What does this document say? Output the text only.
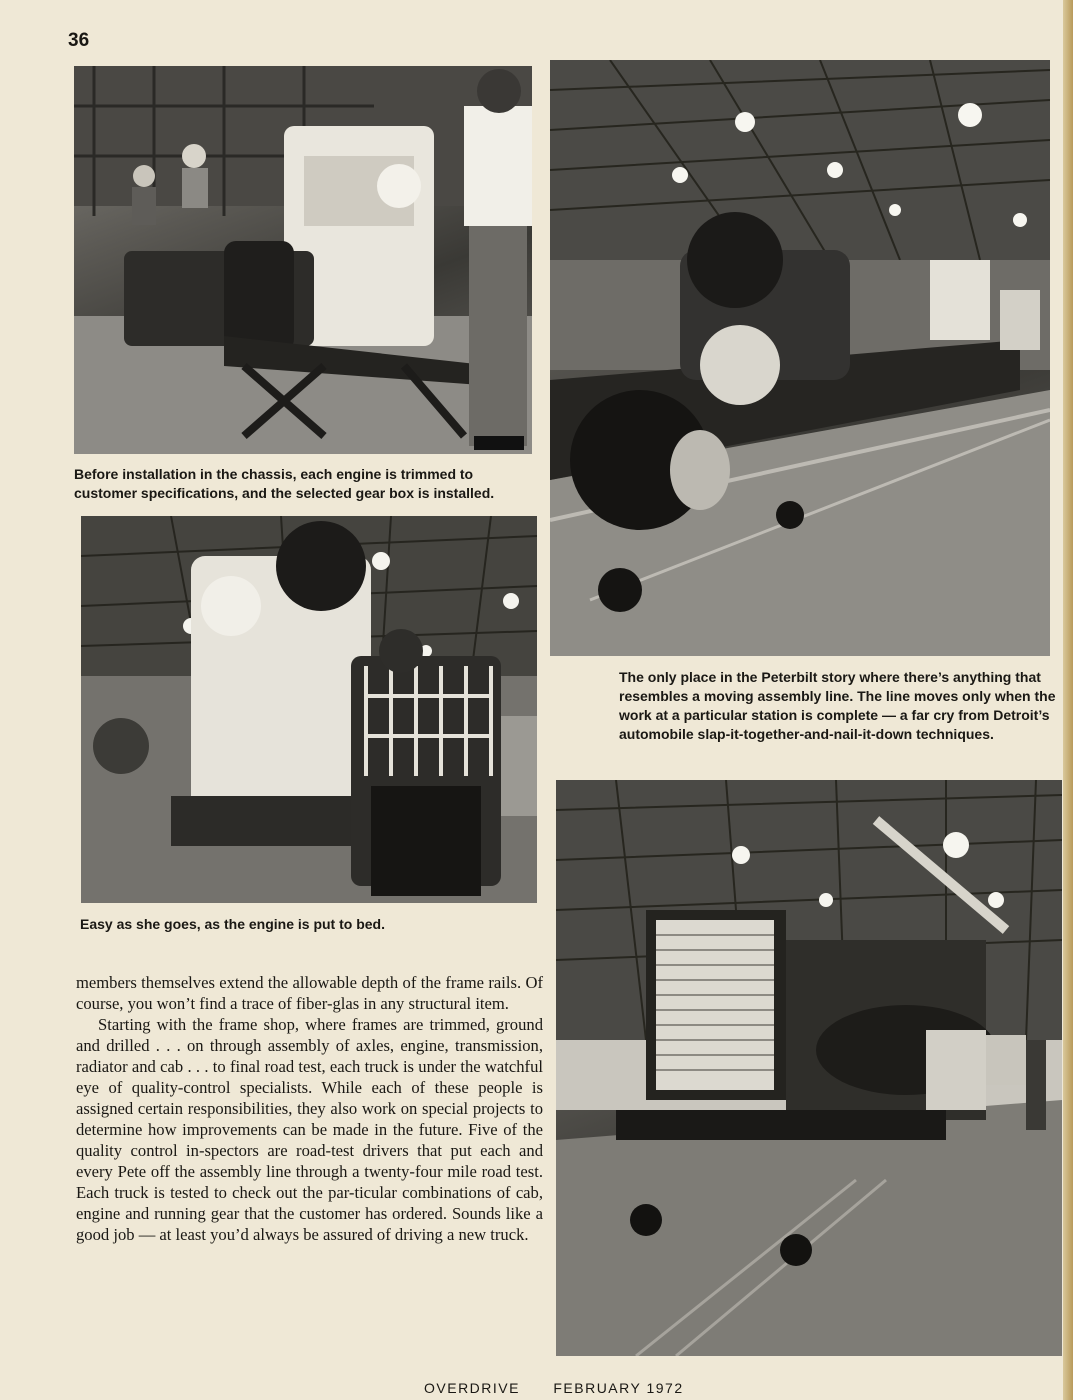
36

Before installation in the chassis, each engine is trimmed to customer specifications, and the selected gear box is installed.

The only place in the Peterbilt story where there’s anything that resembles a moving assembly line. The line moves only when the work at a particular station is complete — a far cry from Detroit’s automobile slap-it-together-and-nail-it-down techniques.

Easy as she goes, as the engine is put to bed.

members themselves extend the allowable depth of the frame rails. Of course, you won’t find a trace of fiber-glas in any structural item.

Starting with the frame shop, where frames are trimmed, ground and drilled . . . on through assembly of axles, engine, transmission, radiator and cab . . . to final road test, each truck is under the watchful eye of quality-control specialists. While each of these people is assigned certain responsibilities, they also work on special projects to determine how improvements can be made in the future. Five of the quality control in-spectors are road-test drivers that put each and every Pete off the assembly line through a twenty-four mile road test. Each truck is tested to check out the par-ticular combinations of cab, engine and running gear that the customer has ordered. Sounds like a good job — at least you’d always be assured of driving a new truck.

OVERDRIVE FEBRUARY 1972
